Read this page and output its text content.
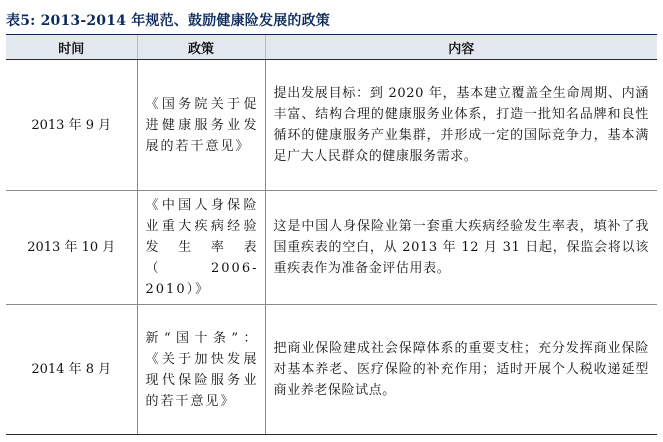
表5: 2013-2014 年规范、鼓励健康险发展的政策
时间	政策	内容
2013 年 9 月	《国务院关于促进健康服务业发展的若干意见》	提出发展目标：到 2020 年，基本建立覆盖全生命周期、内涵丰富、结构合理的健康服务业体系，打造一批知名品牌和良性循环的健康服务产业集群，并形成一定的国际竞争力，基本满足广大人民群众的健康服务需求。
2013 年 10 月	《中国人身保险业重大疾病经验发生率表（2006-2010）》	这是中国人身保险业第一套重大疾病经验发生率表，填补了我国重疾表的空白，从 2013 年 12 月 31 日起，保监会将以该重疾表作为准备金评估用表。
2014 年 8 月	新“国十条”：《关于加快发展现代保险服务业的若干意见》	把商业保险建成社会保障体系的重要支柱；充分发挥商业保险对基本养老、医疗保险的补充作用；适时开展个人税收递延型商业养老保险试点。
